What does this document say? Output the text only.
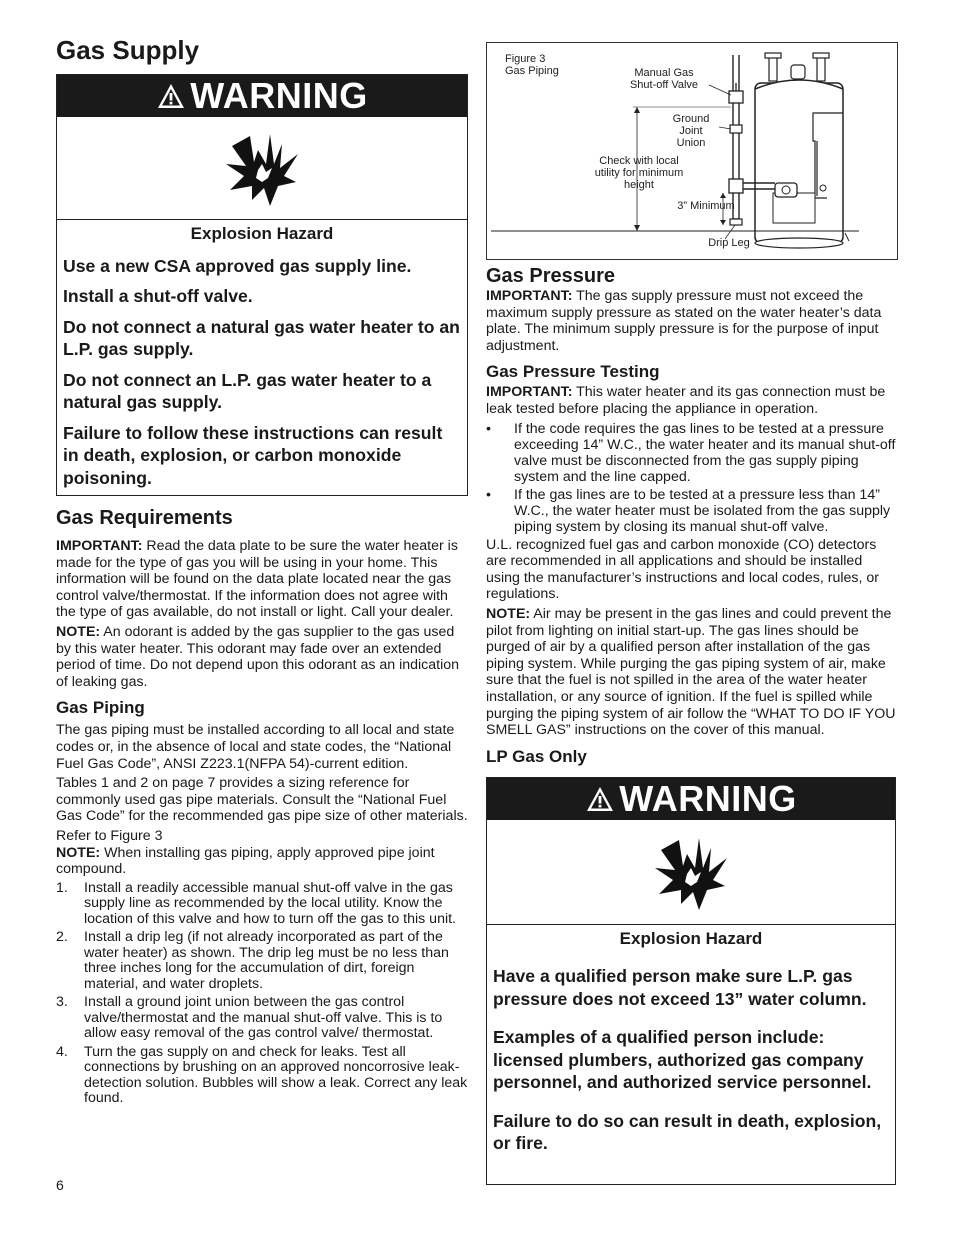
Gas Supply
WARNING

Explosion Hazard

Use a new CSA approved gas supply line.

Install a shut-off valve.

Do not connect a natural gas water heater to an L.P. gas supply.

Do not connect an L.P. gas water heater to a natural gas supply.

Failure to follow these instructions can result in death, explosion, or carbon monoxide poisoning.

Gas Requirements

IMPORTANT: Read the data plate to be sure the water heater is made for the type of gas you will be using in your home. This information will be found on the data plate located near the gas control valve/thermostat. If the information does not agree with the type of gas available, do not install or light. Call your dealer.

NOTE: An odorant is added by the gas supplier to the gas used by this water heater. This odorant may fade over an extended period of time. Do not depend upon this odorant as an indication of leaking gas.

Gas Piping

The gas piping must be installed according to all local and state codes or, in the absence of local and state codes, the “National Fuel Gas Code”, ANSI Z223.1(NFPA 54)-current edition.

Tables 1 and 2 on page 7 provides a sizing reference for commonly used gas pipe materials. Consult the “National Fuel Gas Code” for the recommended gas pipe size of other materials.

Refer to Figure 3

NOTE: When installing gas piping, apply approved pipe joint compound.

1. Install a readily accessible manual shut-off valve in the gas supply line as recommended by the local utility. Know the location of this valve and how to turn off the gas to this unit.
2. Install a drip leg (if not already incorporated as part of the water heater) as shown. The drip leg must be no less than three inches long for the accumulation of dirt, foreign material, and water droplets.
3. Install a ground joint union between the gas control valve/thermostat and the manual shut-off valve. This is to allow easy removal of the gas control valve/ thermostat.
4. Turn the gas supply on and check for leaks. Test all connections by brushing on an approved noncorrosive leak-detection solution. Bubbles will show a leak. Correct any leak found.
Figure 3
Gas Piping	Manual Gas Shut-off Valve
Ground Joint Union
Check with local utility for minimum height
3” Minimum
Drip Leg
Gas Pressure

IMPORTANT: The gas supply pressure must not exceed the maximum supply pressure as stated on the water heater’s data plate. The minimum supply pressure is for the purpose of input adjustment.

Gas Pressure Testing

IMPORTANT: This water heater and its gas connection must be leak tested before placing the appliance in operation.

• If the code requires the gas lines to be tested at a pressure exceeding 14” W.C., the water heater and its manual shut-off valve must be disconnected from the gas supply piping system and the line capped.
• If the gas lines are to be tested at a pressure less than 14” W.C., the water heater must be isolated from the gas supply piping system by closing its manual shut-off valve.

U.L. recognized fuel gas and carbon monoxide (CO) detectors are recommended in all applications and should be installed using the manufacturer’s instructions and local codes, rules, or regulations.

NOTE: Air may be present in the gas lines and could prevent the pilot from lighting on initial start-up. The gas lines should be purged of air by a qualified person after installation of the gas piping system. While purging the gas piping system of air, make sure that the fuel is not spilled in the area of the water heater installation, or any source of ignition. If the fuel is spilled while purging the piping system of air follow the “WHAT TO DO IF YOU SMELL GAS” instructions on the cover of this manual.

LP Gas Only
WARNING

Explosion Hazard

Have a qualified person make sure L.P. gas pressure does not exceed 13” water column.

Examples of a qualified person include: licensed plumbers, authorized gas company personnel, and authorized service personnel.

Failure to do so can result in death, explosion, or fire.

6
